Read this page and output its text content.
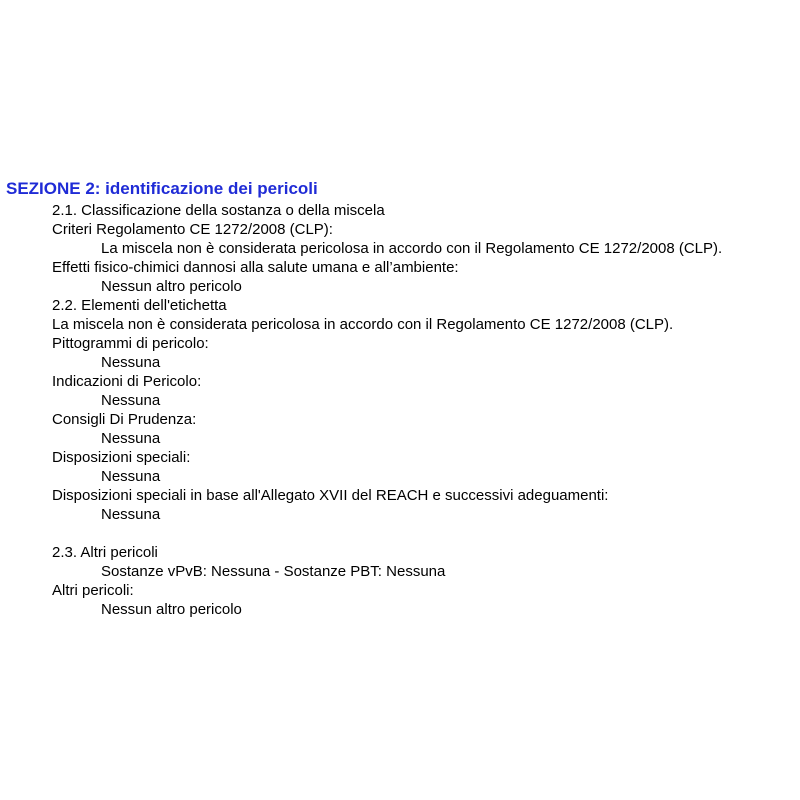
SEZIONE 2: identificazione dei pericoli
2.1. Classificazione della sostanza o della miscela
Criteri Regolamento CE 1272/2008 (CLP):
La miscela non è considerata pericolosa in accordo con il Regolamento CE 1272/2008 (CLP).
Effetti fisico-chimici dannosi alla salute umana e all’ambiente:
Nessun altro pericolo
2.2. Elementi dell'etichetta
La miscela non è considerata pericolosa in accordo con il Regolamento CE 1272/2008 (CLP).
Pittogrammi di pericolo:
Nessuna
Indicazioni di Pericolo:
Nessuna
Consigli Di Prudenza:
Nessuna
Disposizioni speciali:
Nessuna
Disposizioni speciali in base all'Allegato XVII del REACH e successivi adeguamenti:
Nessuna
2.3. Altri pericoli
Sostanze vPvB: Nessuna - Sostanze PBT: Nessuna
Altri pericoli:
Nessun altro pericolo
